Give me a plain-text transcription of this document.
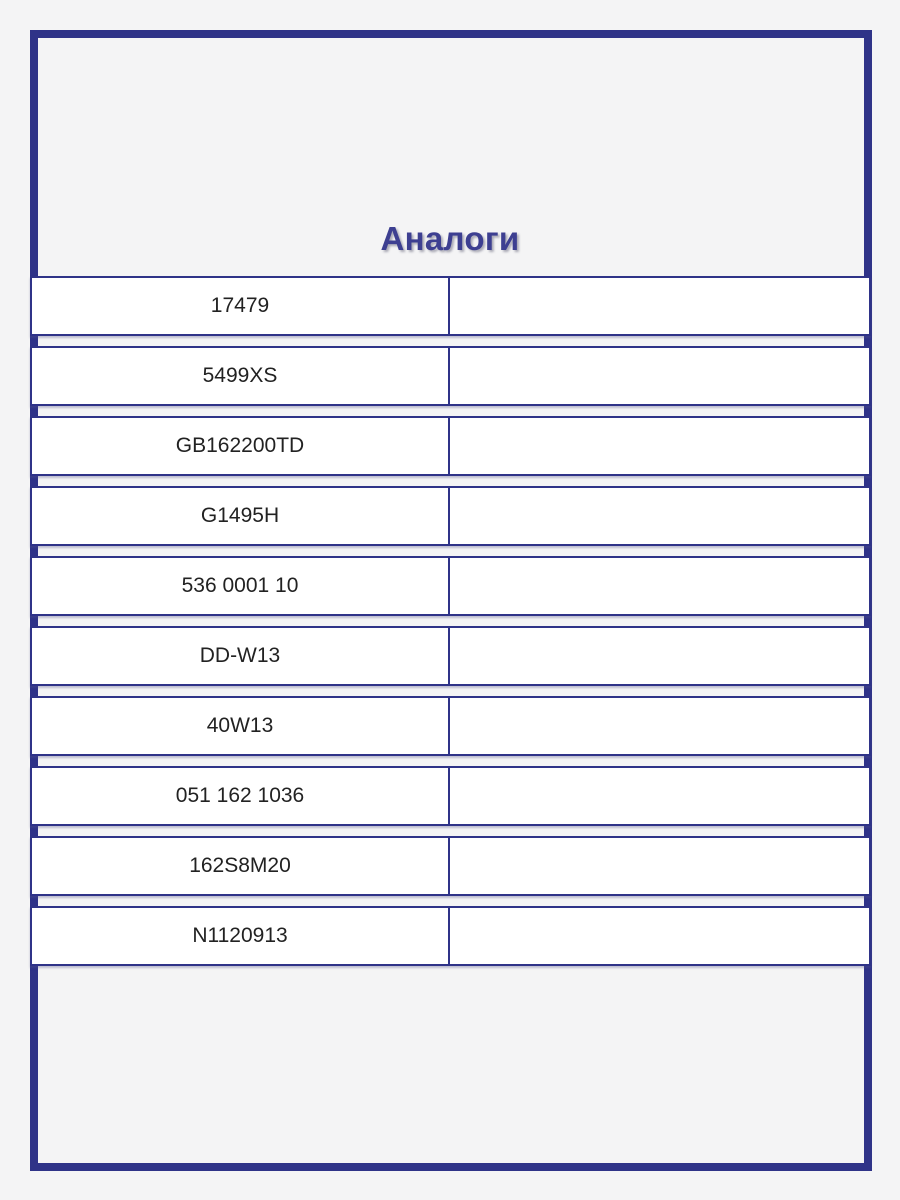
Аналоги
17479
5499XS
GB162200TD
G1495H
536 0001 10
DD-W13
40W13
051 162 1036
162S8M20
N1120913
